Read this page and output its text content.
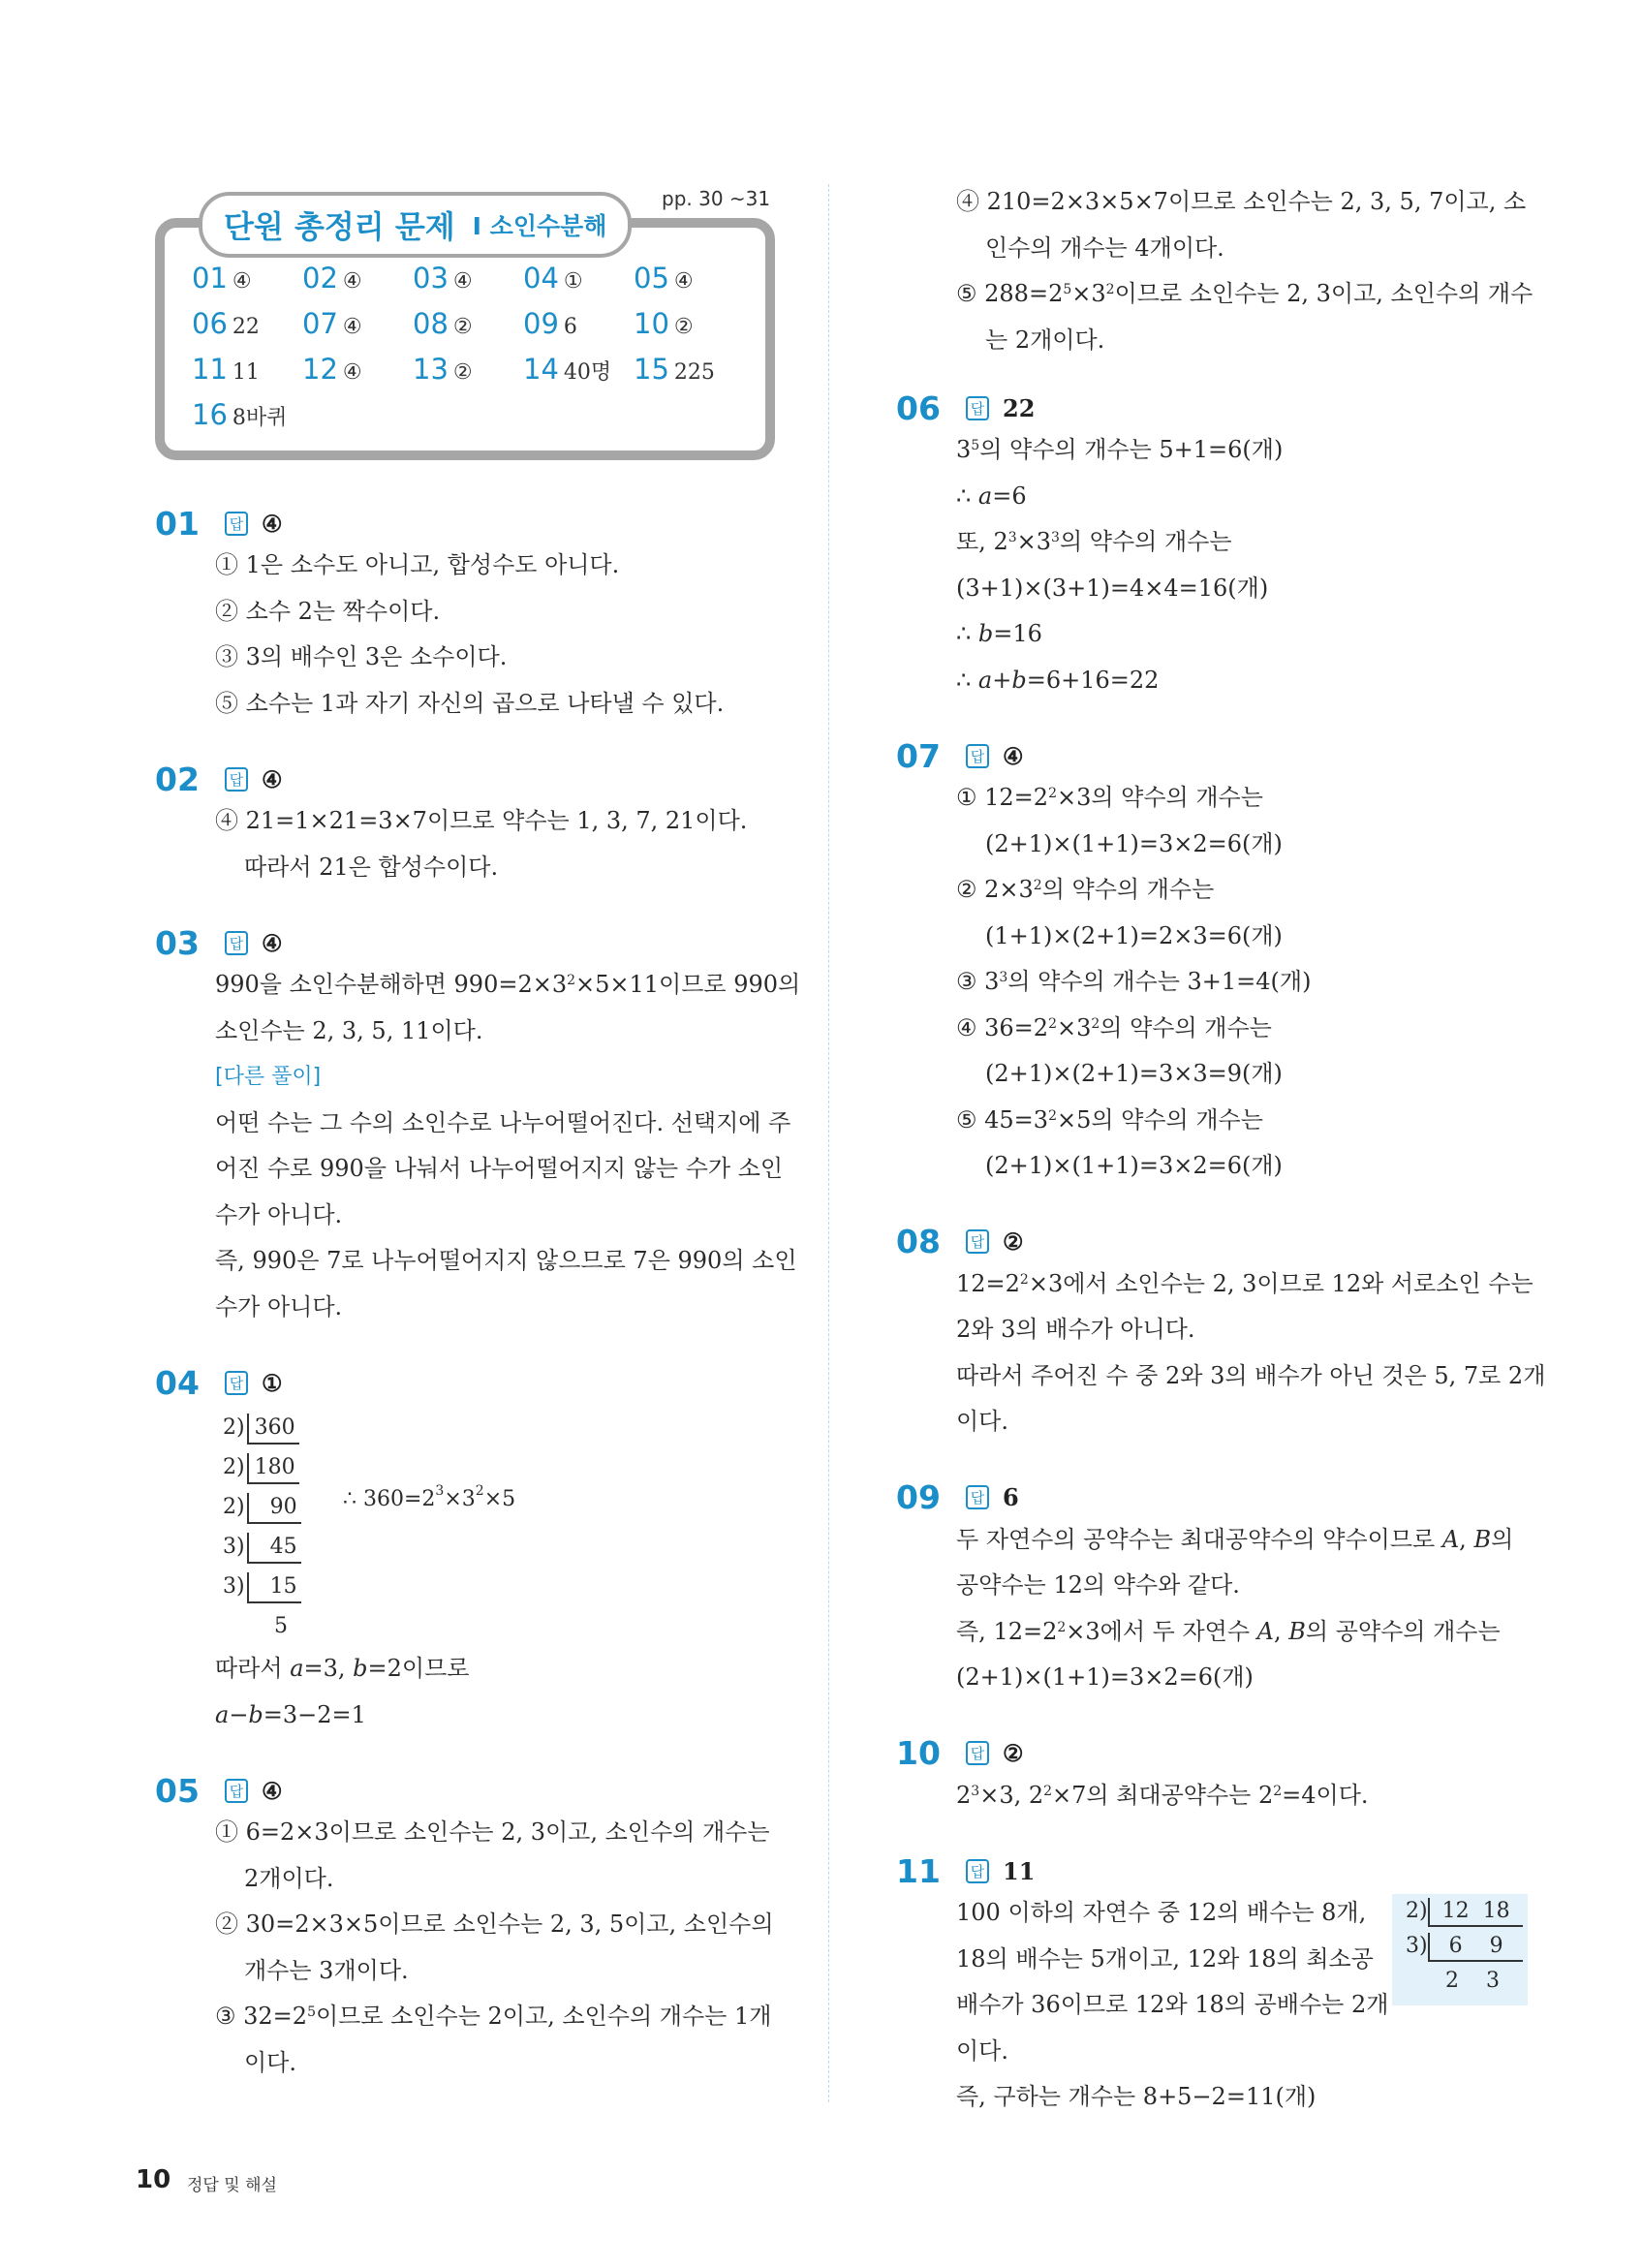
단원 총정리 문제 Ⅰ 소인수분해
pp. 30 ~31
01 ④ 02 ④ 03 ④ 04 ① 05 ④
06 22 07 ④ 08 ② 09 6 10 ②
11 11 12 ④ 13 ② 14 40명 15 225
16 8바퀴
01	답 ④
① 1은 소수도 아니고, 합성수도 아니다.
② 소수 2는 짝수이다.
③ 3의 배수인 3은 소수이다.
⑤ 소수는 1과 자기 자신의 곱으로 나타낼 수 있다.
02	답 ④
④ 21=1×21=3×7이므로 약수는 1, 3, 7, 21이다.
따라서 21은 합성수이다.
03	답 ④
990을 소인수분해하면 $990=2\times 3^2\times 5\times 11$이므로 990의
소인수는 2, 3, 5, 11이다.
[다른 풀이]
어떤 수는 그 수의 소인수로 나누어떨어진다. 선택지에 주
어진 수로 990을 나눠서 나누어떨어지지 않는 수가 소인
수가 아니다.
즉, 990은 7로 나누어떨어지지 않으므로 7은 990의 소인
수가 아니다.
04	답 ①
2) 360
2) 180
2) 90
3) 45
3) 15
5
∴ $360=2^3\times 3^2\times 5$
따라서 a=3, b=2이므로
a−b=3−2=1
05	답 ④
① 6=2×3이므로 소인수는 2, 3이고, 소인수의 개수는
2개이다.
② 30=2×3×5이므로 소인수는 2, 3, 5이고, 소인수의
개수는 3개이다.
③ $32=2^5$이므로 소인수는 2이고, 소인수의 개수는 1개
이다.
④ 210=2×3×5×7이므로 소인수는 2, 3, 5, 7이고, 소
인수의 개수는 4개이다.
⑤ $288=2^5\times 3^2$이므로 소인수는 2, 3이고, 소인수의 개수
는 2개이다.
06	답 22
$3^5$의 약수의 개수는 5+1=6(개)
∴ a=6
또, $2^3\times 3^3$의 약수의 개수는
(3+1)×(3+1)=4×4=16(개)
∴ b=16
∴ a+b=6+16=22
07	답 ④
① $12=2^2\times 3$의 약수의 개수는
(2+1)×(1+1)=3×2=6(개)
② $2\times 3^2$의 약수의 개수는
(1+1)×(2+1)=2×3=6(개)
③ $3^3$의 약수의 개수는 3+1=4(개)
④ $36=2^2\times 3^2$의 약수의 개수는
(2+1)×(2+1)=3×3=9(개)
⑤ $45=3^2\times 5$의 약수의 개수는
(2+1)×(1+1)=3×2=6(개)
08	답 ②
$12=2^2\times 3$에서 소인수는 2, 3이므로 12와 서로소인 수는
2와 3의 배수가 아니다.
따라서 주어진 수 중 2와 3의 배수가 아닌 것은 5, 7로 2개
이다.
09	답 6
두 자연수의 공약수는 최대공약수의 약수이므로 A, B의
공약수는 12의 약수와 같다.
즉, $12=2^2\times 3$에서 두 자연수 A, B의 공약수의 개수는
(2+1)×(1+1)=3×2=6(개)
10	답 ②
$2^3\times 3$, $2^2\times 7$의 최대공약수는 $2^2=4$이다.
11	답 11
100 이하의 자연수 중 12의 배수는 8개,
18의 배수는 5개이고, 12와 18의 최소공
배수가 36이므로 12와 18의 공배수는 2개
이다.
즉, 구하는 개수는 8+5−2=11(개)
2) 12 18
3) 6 9
2 3
10 정답 및 해설
